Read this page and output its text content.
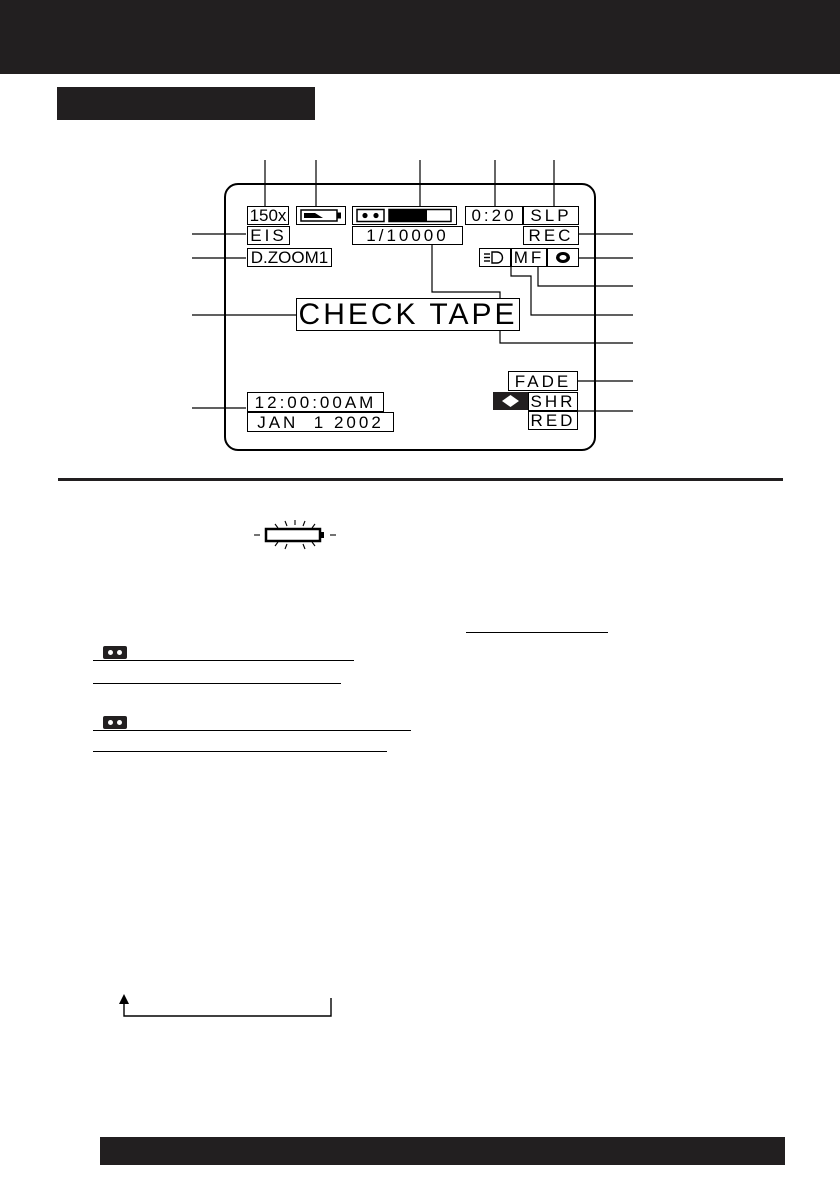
150x	0:20 SLP
EIS	1/10000	REC
D.ZOOM1	MF
CHECK TAPE
12:00:00AM
JAN  1 2002
FADE
SHR
RED
